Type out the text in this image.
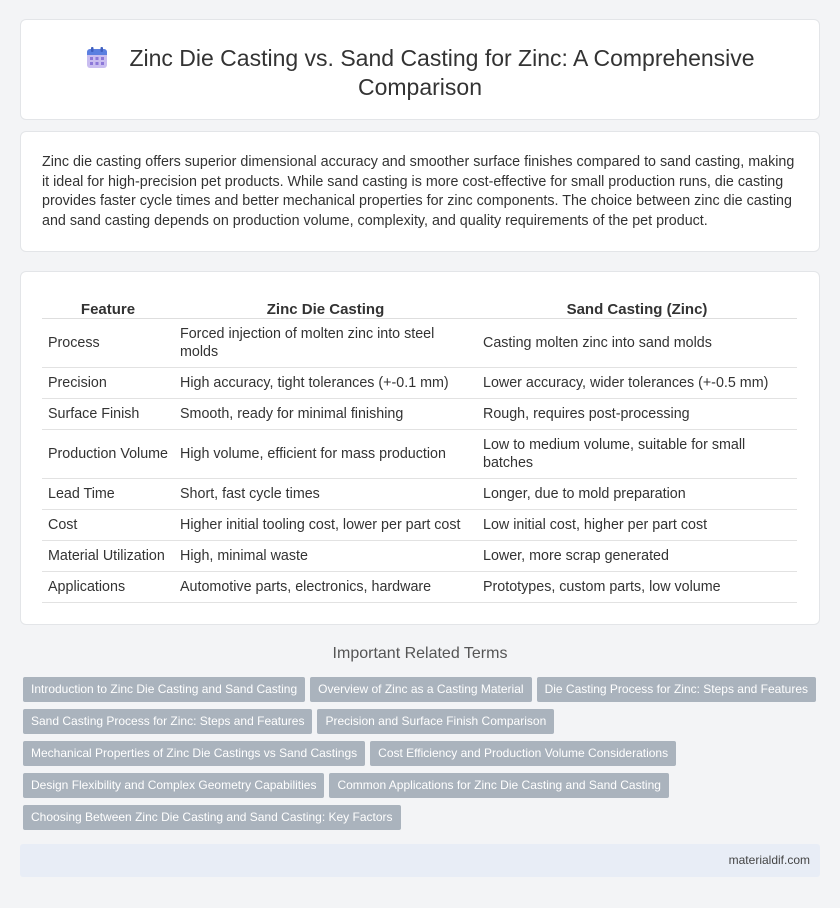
Zinc Die Casting vs. Sand Casting for Zinc: A Comprehensive Comparison

Zinc die casting offers superior dimensional accuracy and smoother surface finishes compared to sand casting, making it ideal for high-precision pet products. While sand casting is more cost-effective for small production runs, die casting provides faster cycle times and better mechanical properties for zinc components. The choice between zinc die casting and sand casting depends on production volume, complexity, and quality requirements of the pet product.

Feature	Zinc Die Casting	Sand Casting (Zinc)
Process	Forced injection of molten zinc into steel molds	Casting molten zinc into sand molds
Precision	High accuracy, tight tolerances (+-0.1 mm)	Lower accuracy, wider tolerances (+-0.5 mm)
Surface Finish	Smooth, ready for minimal finishing	Rough, requires post-processing
Production Volume	High volume, efficient for mass production	Low to medium volume, suitable for small batches
Lead Time	Short, fast cycle times	Longer, due to mold preparation
Cost	Higher initial tooling cost, lower per part cost	Low initial cost, higher per part cost
Material Utilization	High, minimal waste	Lower, more scrap generated
Applications	Automotive parts, electronics, hardware	Prototypes, custom parts, low volume
Important Related Terms
Introduction to Zinc Die Casting and Sand Casting Overview of Zinc as a Casting Material Die Casting Process for Zinc: Steps and Features
Sand Casting Process for Zinc: Steps and Features Precision and Surface Finish Comparison
Mechanical Properties of Zinc Die Castings vs Sand Castings Cost Efficiency and Production Volume Considerations
Design Flexibility and Complex Geometry Capabilities Common Applications for Zinc Die Casting and Sand Casting
Choosing Between Zinc Die Casting and Sand Casting: Key Factors
materialdif.com
